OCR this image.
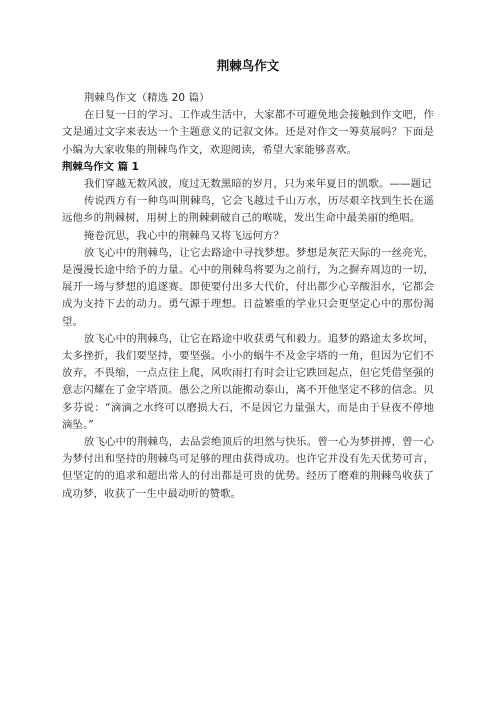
荆棘鸟作文

荆棘鸟作文（精选 20 篇）

在日复一日的学习、工作或生活中，大家都不可避免地会接触到作文吧，作文是通过文字来表达一个主题意义的记叙文体。还是对作文一筹莫展吗？下面是小编为大家收集的荆棘鸟作文，欢迎阅读，希望大家能够喜欢。

荆棘鸟作文 篇 1

我们穿越无数风波，度过无数黑暗的岁月，只为来年夏日的凯歌。——题记

传说西方有一种鸟叫荆棘鸟，它会飞越过千山万水，历尽艰辛找到生长在遥远他乡的荆棘树，用树上的荆棘刺破自己的喉咙，发出生命中最美丽的绝唱。

掩卷沉思，我心中的荆棘鸟又将飞远何方？

放飞心中的荆棘鸟，让它去路途中寻找梦想。梦想是灰茫天际的一丝亮光，是漫漫长途中给予的力量。心中的荆棘鸟将要为之前行，为之摒弃周边的一切，展开一场与梦想的追逐赛。即使要付出多大代价，付出都少心辛酸泪水，它都会成为支持下去的动力。勇气源于理想。日益繁重的学业只会更坚定心中的那份渴望。

放飞心中的荆棘鸟，让它在路途中收获勇气和毅力。追梦的路途太多坎坷，太多挫折，我们要坚持，要坚强。小小的蜗牛不及金字塔的一角，但因为它们不放弃，不畏缩，一点点往上爬，风吹雨打有时会让它跌回起点，但它凭借坚强的意志闪耀在了金字塔顶。愚公之所以能搬动泰山，离不开他坚定不移的信念。贝多芬说：“滴滴之水终可以磨损大石，不是因它力量强大，而是由于昼夜不停地滴坠。”

放飞心中的荆棘鸟，去品尝绝顶后的坦然与快乐。曾一心为梦拼搏，曾一心为梦付出和坚持的荆棘鸟可足够的理由获得成功。也许它并没有先天优势可言，但坚定的的追求和超出常人的付出都是可贵的优势。经历了磨难的荆棘鸟收获了成功梦，收获了一生中最动听的赞歌。
